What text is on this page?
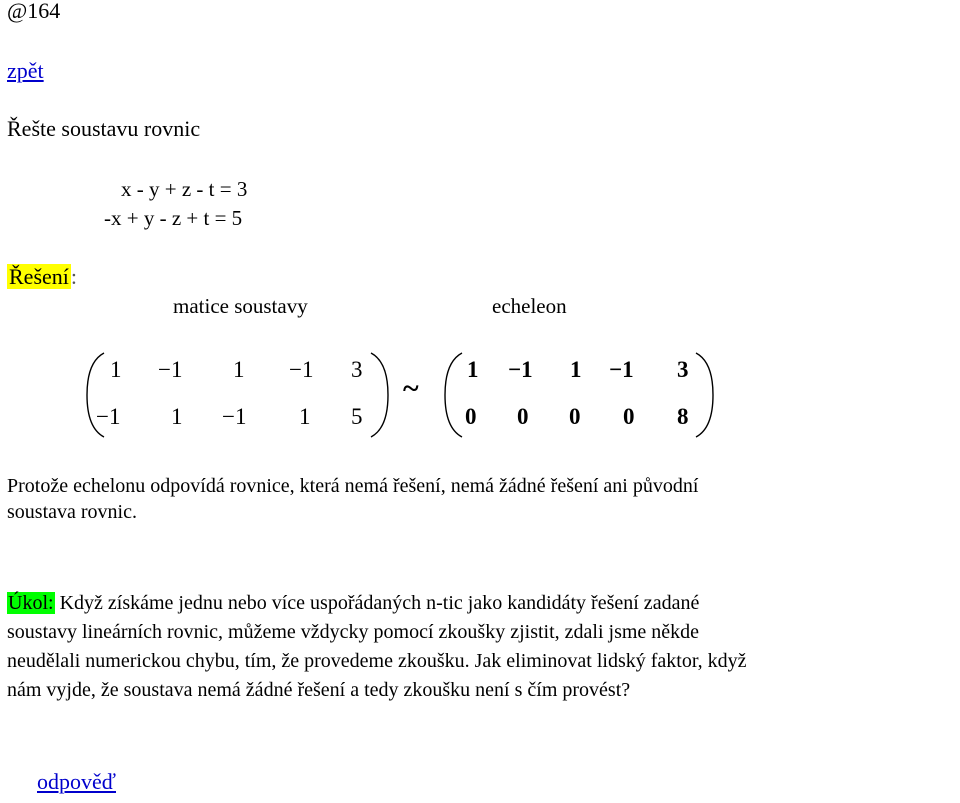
@164
zpět
Řešte soustavu rovnic
x - y + z - t = 3
-x + y - z + t = 5
Řešení:
matice soustavy	echeleon
1 −1 1 −1 3
−1 1 −1 1 5
~
1 −1 1 −1 3
0 0 0 0 8
Protože echelonu odpovídá rovnice, která nemá řešení, nemá žádné řešení ani původní
soustava rovnic.
Úkol: Když získáme jednu nebo více uspořádaných n-tic jako kandidáty řešení zadané
soustavy lineárních rovnic, můžeme vždycky pomocí zkoušky zjistit, zdali jsme někde
neudělali numerickou chybu, tím, že provedeme zkoušku. Jak eliminovat lidský faktor, když
nám vyjde, že soustava nemá žádné řešení a tedy zkoušku není s čím provést?
odpověď
